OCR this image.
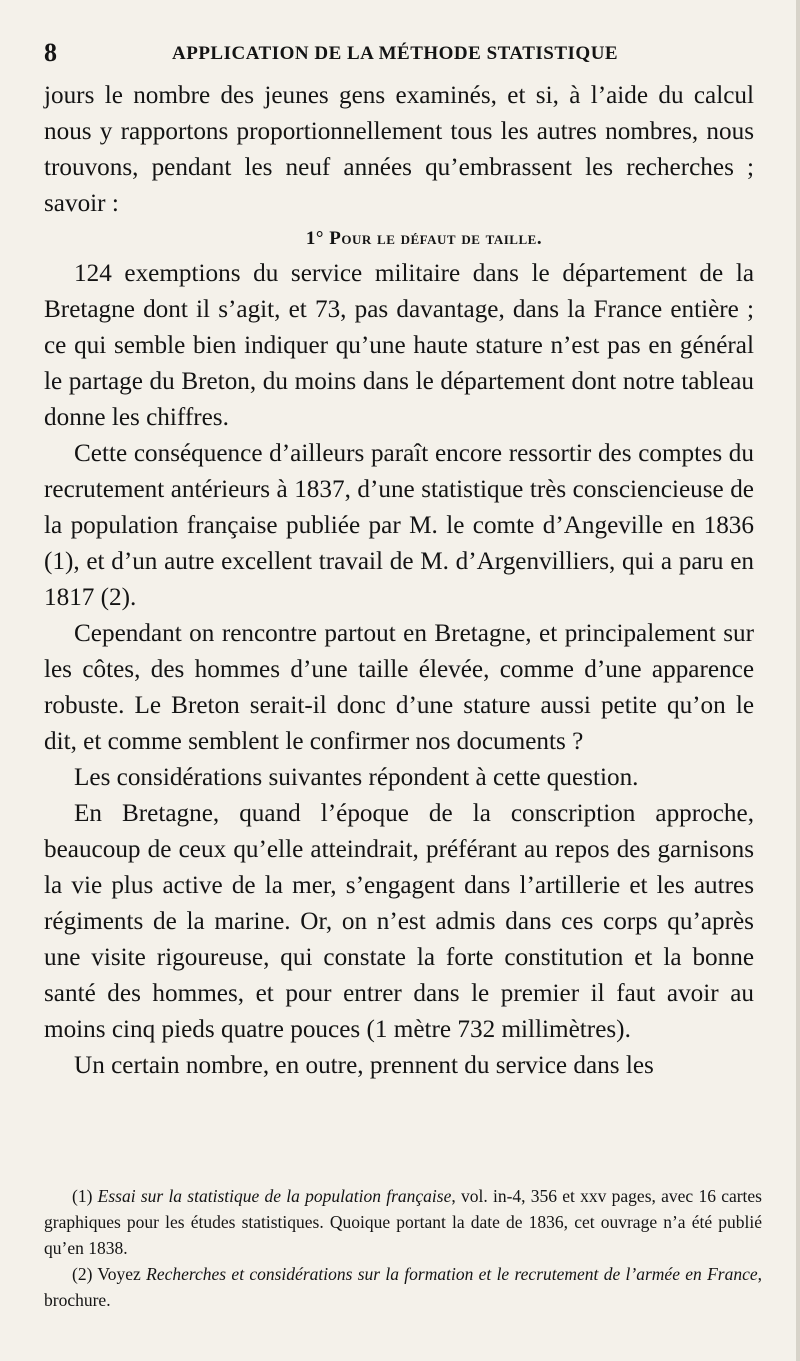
8	APPLICATION DE LA MÉTHODE STATISTIQUE

jours le nombre des jeunes gens examinés, et si, à l’aide du calcul nous y rapportons proportionnellement tous les autres nombres, nous trouvons, pendant les neuf années qu’embrassent les recherches ; savoir :

1° Pour le défaut de taille.

124 exemptions du service militaire dans le département de la Bretagne dont il s’agit, et 73, pas davantage, dans la France entière ; ce qui semble bien indiquer qu’une haute stature n’est pas en général le partage du Breton, du moins dans le département dont notre tableau donne les chiffres.

Cette conséquence d’ailleurs paraît encore ressortir des comptes du recrutement antérieurs à 1837, d’une statistique très consciencieuse de la population française publiée par M. le comte d’Angeville en 1836 (1), et d’un autre excellent travail de M. d’Argenvilliers, qui a paru en 1817 (2).

Cependant on rencontre partout en Bretagne, et principalement sur les côtes, des hommes d’une taille élevée, comme d’une apparence robuste. Le Breton serait-il donc d’une stature aussi petite qu’on le dit, et comme semblent le confirmer nos documents ?

Les considérations suivantes répondent à cette question.

En Bretagne, quand l’époque de la conscription approche, beaucoup de ceux qu’elle atteindrait, préférant au repos des garnisons la vie plus active de la mer, s’engagent dans l’artillerie et les autres régiments de la marine. Or, on n’est admis dans ces corps qu’après une visite rigoureuse, qui constate la forte constitution et la bonne santé des hommes, et pour entrer dans le premier il faut avoir au moins cinq pieds quatre pouces (1 mètre 732 millimètres).

Un certain nombre, en outre, prennent du service dans les

(1) Essai sur la statistique de la population française, vol. in-4, 356 et xxv pages, avec 16 cartes graphiques pour les études statistiques. Quoique portant la date de 1836, cet ouvrage n’a été publié qu’en 1838.

(2) Voyez Recherches et considérations sur la formation et le recrutement de l’armée en France, brochure.
